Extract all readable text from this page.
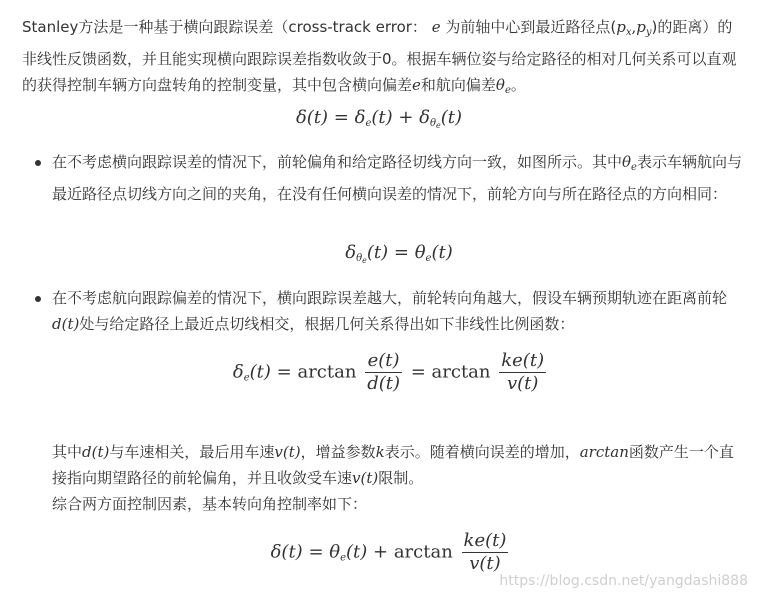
Stanley方法是一种基于横向跟踪误差（cross-track error： e 为前轴中心到最近路径点$(p_x,p_y)$的距离）的非线性反馈函数，并且能实现横向跟踪误差指数收敛于0。根据车辆位姿与给定路径的相对几何关系可以直观的获得控制车辆方向盘转角的控制变量，其中包含横向偏差e和航向偏差$\theta_e$。
$\delta(t) = \delta_e(t) + \delta_{\theta_e}(t)$
在不考虑横向跟踪误差的情况下，前轮偏角和给定路径切线方向一致，如图所示。其中$\theta_e$表示车辆航向与最近路径点切线方向之间的夹角，在没有任何横向误差的情况下，前轮方向与所在路径点的方向相同：
$\delta_{\theta_e}(t) = \theta_e(t)$
在不考虑航向跟踪偏差的情况下，横向跟踪误差越大，前轮转向角越大，假设车辆预期轨迹在距离前轮d(t)处与给定路径上最近点切线相交，根据几何关系得出如下非线性比例函数：
$\delta_e(t) = \arctan \frac{e(t)}{d(t)} = \arctan \frac{ke(t)}{v(t)}$
其中d(t)与车速相关，最后用车速v(t)，增益参数k表示。随着横向误差的增加，arctan函数产生一个直接指向期望路径的前轮偏角，并且收敛受车速v(t)限制。
综合两方面控制因素，基本转向角控制率如下：
$\delta(t) = \theta_e(t) + \arctan \frac{ke(t)}{v(t)}$
https://blog.csdn.net/yangdashi888
